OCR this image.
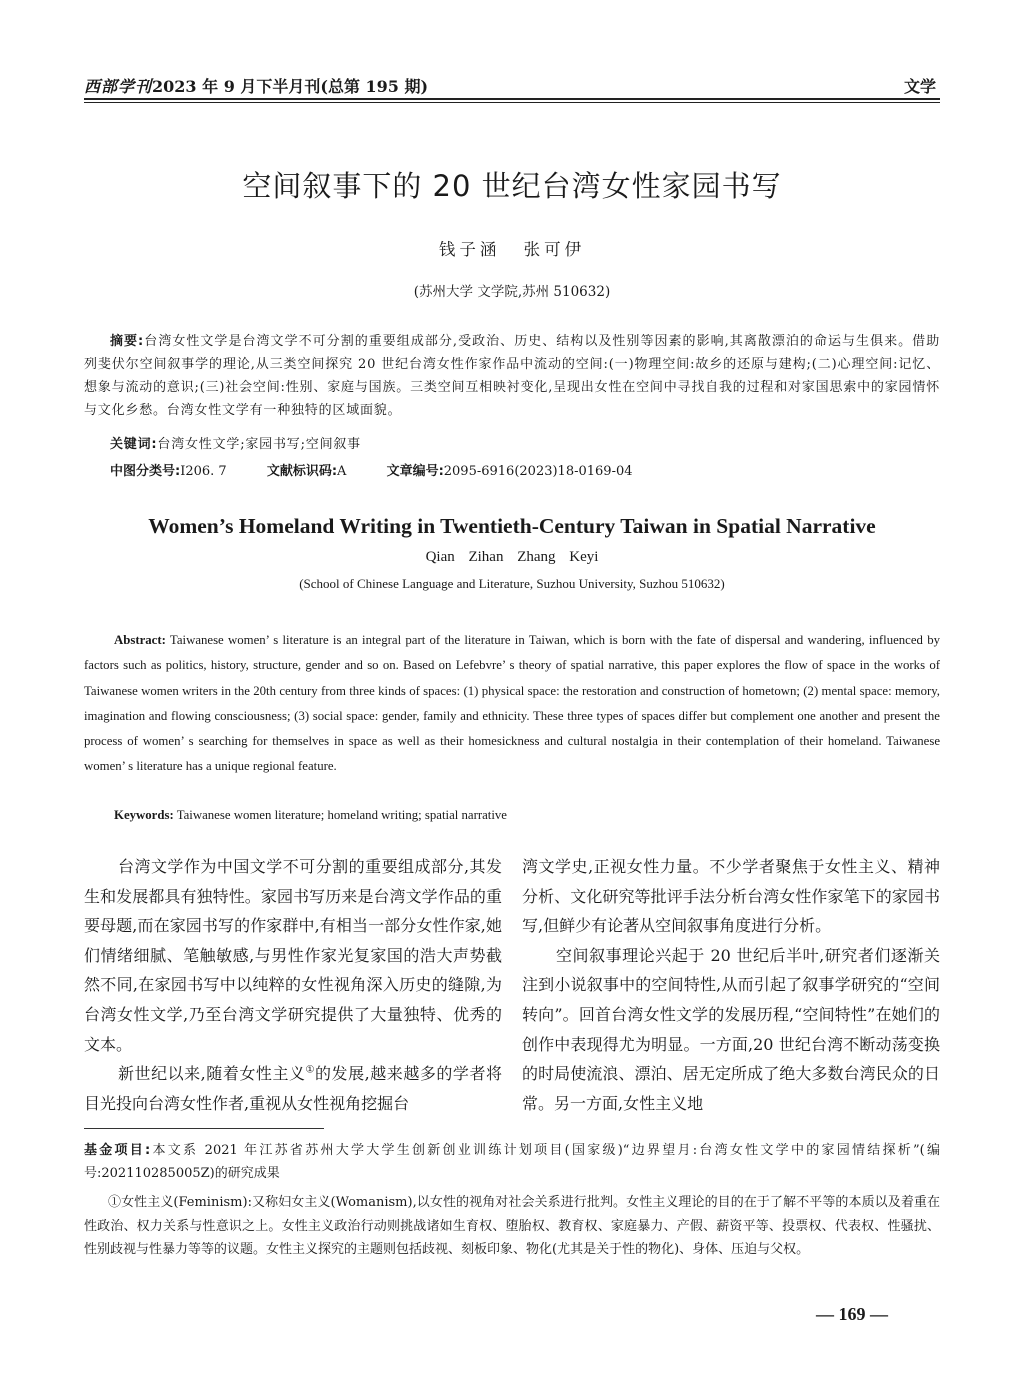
西部学刊2023 年 9 月下半月刊(总第 195 期)	文学
空间叙事下的 20 世纪台湾女性家园书写
钱子涵 张可伊
(苏州大学 文学院,苏州 510632)
摘要:台湾女性文学是台湾文学不可分割的重要组成部分,受政治、历史、结构以及性别等因素的影响,其离散漂泊的命运与生俱来。借助列斐伏尔空间叙事学的理论,从三类空间探究 20 世纪台湾女性作家作品中流动的空间:(一)物理空间:故乡的还原与建构;(二)心理空间:记忆、想象与流动的意识;(三)社会空间:性别、家庭与国族。三类空间互相映衬变化,呈现出女性在空间中寻找自我的过程和对家国思索中的家园情怀与文化乡愁。台湾女性文学有一种独特的区域面貌。
关键词:台湾女性文学;家园书写;空间叙事
中图分类号:I206. 7	文献标识码:A	文章编号:2095-6916(2023)18-0169-04
Women’s Homeland Writing in Twentieth-Century Taiwan in Spatial Narrative
Qian Zihan Zhang Keyi
(School of Chinese Language and Literature, Suzhou University, Suzhou 510632)
Abstract: Taiwanese women’ s literature is an integral part of the literature in Taiwan, which is born with the fate of dispersal and wandering, influenced by factors such as politics, history, structure, gender and so on. Based on Lefebvre’ s theory of spatial narrative, this paper explores the flow of space in the works of Taiwanese women writers in the 20th century from three kinds of spaces: (1) physical space: the restoration and construction of hometown; (2) mental space: memory, imagination and flowing consciousness; (3) social space: gender, family and ethnicity. These three types of spaces differ but complement one another and present the process of women’ s searching for themselves in space as well as their homesickness and cultural nostalgia in their contemplation of their homeland. Taiwanese women’ s literature has a unique regional feature.
Keywords: Taiwanese women literature; homeland writing; spatial narrative

台湾文学作为中国文学不可分割的重要组成部分,其发生和发展都具有独特性。家园书写历来是台湾文学作品的重要母题,而在家园书写的作家群中,有相当一部分女性作家,她们情绪细腻、笔触敏感,与男性作家光复家国的浩大声势截然不同,在家园书写中以纯粹的女性视角深入历史的缝隙,为台湾女性文学,乃至台湾文学研究提供了大量独特、优秀的文本。

新世纪以来,随着女性主义①的发展,越来越多的学者将目光投向台湾女性作者,重视从女性视角挖掘台

湾文学史,正视女性力量。不少学者聚焦于女性主义、精神分析、文化研究等批评手法分析台湾女性作家笔下的家园书写,但鲜少有论著从空间叙事角度进行分析。

空间叙事理论兴起于 20 世纪后半叶,研究者们逐渐关注到小说叙事中的空间特性,从而引起了叙事学研究的“空间转向”。回首台湾女性文学的发展历程,“空间特性”在她们的创作中表现得尤为明显。一方面,20 世纪台湾不断动荡变换的时局使流浪、漂泊、居无定所成了绝大多数台湾民众的日常。另一方面,女性主义地

基金项目:本文系 2021 年江苏省苏州大学大学生创新创业训练计划项目(国家级)“边界望月:台湾女性文学中的家园情结探析”(编号:202110285005Z)的研究成果
①女性主义(Feminism):又称妇女主义(Womanism),以女性的视角对社会关系进行批判。女性主义理论的目的在于了解不平等的本质以及着重在性政治、权力关系与性意识之上。女性主义政治行动则挑战诸如生育权、堕胎权、教育权、家庭暴力、产假、薪资平等、投票权、代表权、性骚扰、性别歧视与性暴力等等的议题。女性主义探究的主题则包括歧视、刻板印象、物化(尤其是关于性的物化)、身体、压迫与父权。
— 169 —
